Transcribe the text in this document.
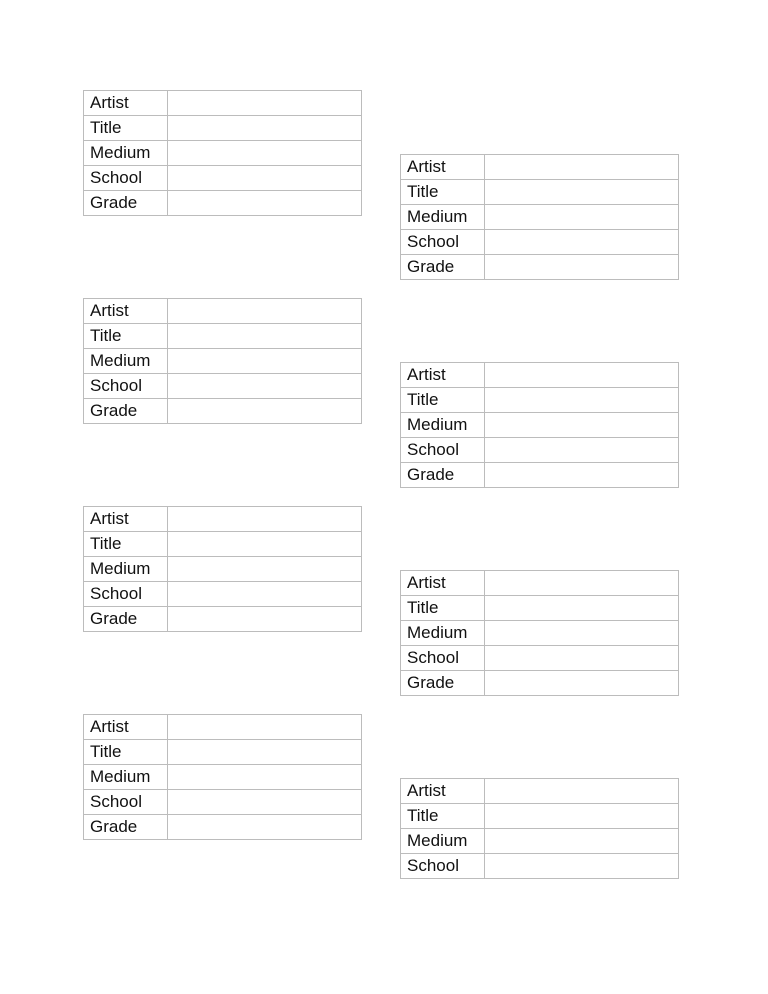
Artist	
Title	
Medium	
School	
Grade	
Artist	
Title	
Medium	
School	
Grade	
Artist	
Title	
Medium	
School	
Grade	
Artist	
Title	
Medium	
School	
Grade	
Artist	
Title	
Medium	
School	
Grade	
Artist	
Title	
Medium	
School	
Grade	
Artist	
Title	
Medium	
School	
Grade	
Artist	
Title	
Medium	
School	
